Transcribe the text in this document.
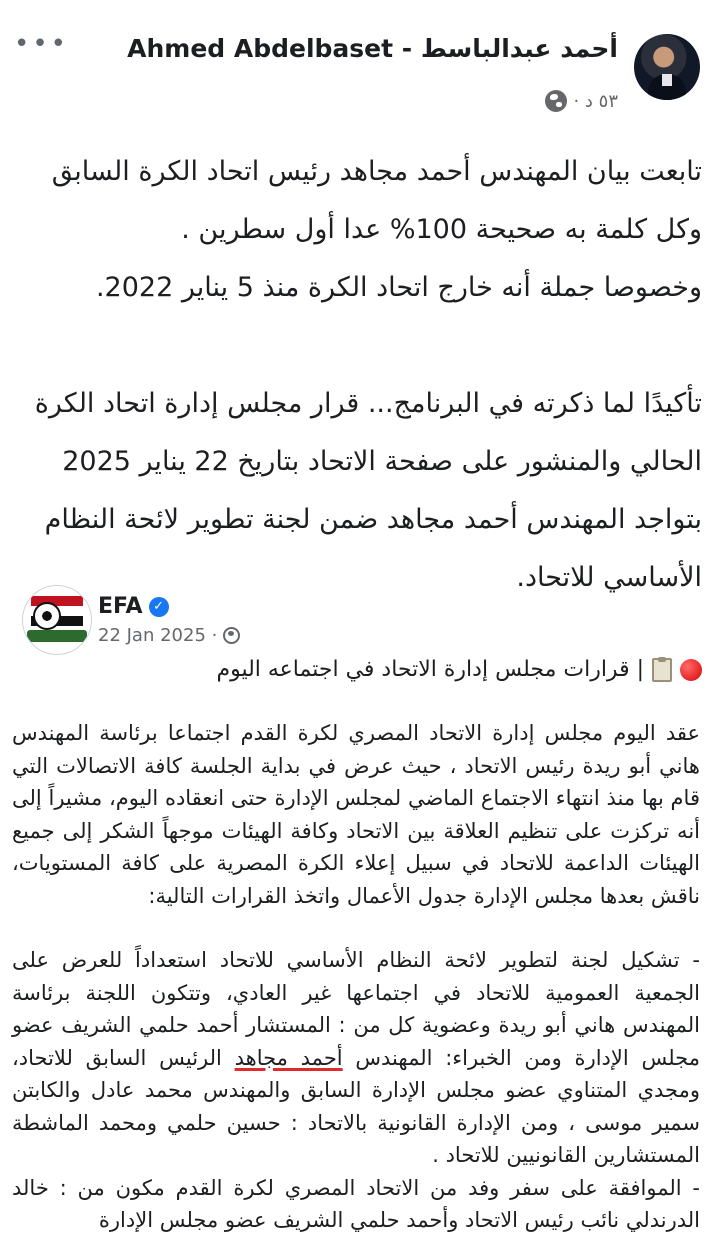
••• أحمد عبدالباسط - Ahmed Abdelbaset
٥٣ د ·

تابعت بيان المهندس أحمد مجاهد رئيس اتحاد الكرة السابق

وكل كلمة به صحيحة 100% عدا أول سطرين .

وخصوصا جملة أنه خارج اتحاد الكرة منذ 5 يناير 2022.

تأكيدًا لما ذكرته في البرنامج... قرار مجلس إدارة اتحاد الكرة

الحالي والمنشور على صفحة الاتحاد بتاريخ 22 يناير 2025

بتواجد المهندس أحمد مجاهد ضمن لجنة تطوير لائحة النظام

الأساسي للاتحاد.

EFA ✓
22 Jan 2025 ·
| قرارات مجلس إدارة الاتحاد في اجتماعه اليوم

عقد اليوم مجلس إدارة الاتحاد المصري لكرة القدم اجتماعا برئاسة المهندس هاني أبو ريدة رئيس الاتحاد ، حيث عرض في بداية الجلسة كافة الاتصالات التي قام بها منذ انتهاء الاجتماع الماضي لمجلس الإدارة حتى انعقاده اليوم، مشيراً إلى أنه تركزت على تنظيم العلاقة بين الاتحاد وكافة الهيئات موجهاً الشكر إلى جميع الهيئات الداعمة للاتحاد في سبيل إعلاء الكرة المصرية على كافة المستويات، ناقش بعدها مجلس الإدارة جدول الأعمال واتخذ القرارات التالية:

- تشكيل لجنة لتطوير لائحة النظام الأساسي للاتحاد استعداداً للعرض على الجمعية العمومية للاتحاد في اجتماعها غير العادي، وتتكون اللجنة برئاسة المهندس هاني أبو ريدة وعضوية كل من : المستشار أحمد حلمي الشريف عضو مجلس الإدارة ومن الخبراء: المهندس أحمد مجاهد الرئيس السابق للاتحاد، ومجدي المتناوي عضو مجلس الإدارة السابق والمهندس محمد عادل والكابتن سمير موسى ، ومن الإدارة القانونية بالاتحاد : حسين حلمي ومحمد الماشطة المستشارين القانونيين للاتحاد .

- الموافقة على سفر وفد من الاتحاد المصري لكرة القدم مكون من : خالد الدرندلي نائب رئيس الاتحاد وأحمد حلمي الشريف عضو مجلس الإدارة
